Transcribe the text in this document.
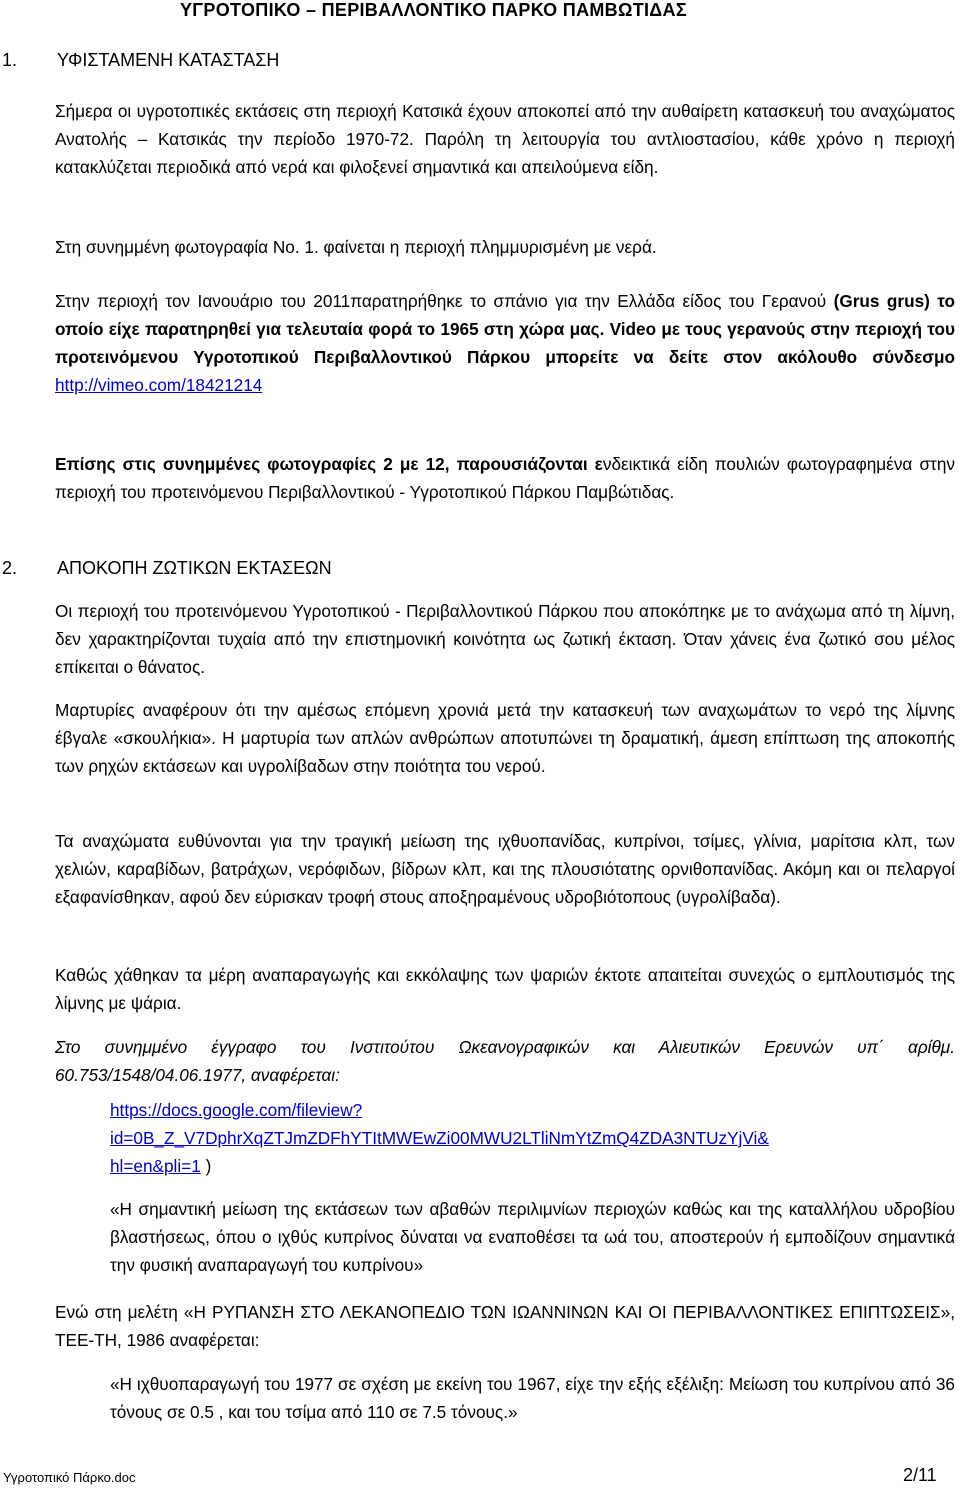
ΥΓΡΟΤΟΠΙΚΟ – ΠΕΡΙΒΑΛΛΟΝΤΙΚΟ ΠΑΡΚΟ ΠΑΜΒΩΤΙΔΑΣ
1. ΥΦΙΣΤΑΜΕΝΗ ΚΑΤΑΣΤΑΣΗ

Σήμερα οι υγροτοπικές εκτάσεις στη περιοχή Κατσικά έχουν αποκοπεί από την αυθαίρετη κατασκευή του αναχώματος Ανατολής – Κατσικάς την περίοδο 1970-72. Παρόλη τη λειτουργία του αντλιοστασίου, κάθε χρόνο η περιοχή κατακλύζεται περιοδικά από νερά και φιλοξενεί σημαντικά και απειλούμενα είδη.

Στη συνημμένη φωτογραφία Νο. 1. φαίνεται η περιοχή πλημμυρισμένη με νερά.

Στην περιοχή τον Ιανουάριο του 2011παρατηρήθηκε το σπάνιο για την Ελλάδα είδος του Γερανού (Grus grus) το οποίο είχε παρατηρηθεί για τελευταία φορά το 1965 στη χώρα μας. Video με τους γερανούς στην περιοχή του προτεινόμενου Υγροτοπικού Περιβαλλοντικού Πάρκου μπορείτε να δείτε στον ακόλουθο σύνδεσμο http://vimeo.com/18421214

Επίσης στις συνημμένες φωτογραφίες 2 με 12, παρουσιάζονται ενδεικτικά είδη πουλιών φωτογραφημένα στην περιοχή του προτεινόμενου Περιβαλλοντικού - Υγροτοπικού Πάρκου Παμβώτιδας.

2. ΑΠΟΚΟΠΗ ΖΩΤΙΚΩΝ ΕΚΤΑΣΕΩΝ

Οι περιοχή του προτεινόμενου Υγροτοπικού - Περιβαλλοντικού Πάρκου που αποκόπηκε με το ανάχωμα από τη λίμνη, δεν χαρακτηρίζονται τυχαία από την επιστημονική κοινότητα ως ζωτική έκταση. Όταν χάνεις ένα ζωτικό σου μέλος επίκειται ο θάνατος.

Μαρτυρίες αναφέρουν ότι την αμέσως επόμενη χρονιά μετά την κατασκευή των αναχωμάτων το νερό της λίμνης έβγαλε «σκουλήκια». Η μαρτυρία των απλών ανθρώπων αποτυπώνει τη δραματική, άμεση επίπτωση της αποκοπής των ρηχών εκτάσεων και υγρολίβαδων στην ποιότητα του νερού.

Τα αναχώματα ευθύνονται για την τραγική μείωση της ιχθυοπανίδας, κυπρίνοι, τσίμες, γλίνια, μαρίτσια κλπ, των χελιών, καραβίδων, βατράχων, νερόφιδων, βίδρων κλπ, και της πλουσιότατης ορνιθοπανίδας. Ακόμη και οι πελαργοί εξαφανίσθηκαν, αφού δεν εύρισκαν τροφή στους αποξηραμένους υδροβιότοπους (υγρολίβαδα).

Καθώς χάθηκαν τα μέρη αναπαραγωγής και εκκόλαψης των ψαριών έκτοτε απαιτείται συνεχώς ο εμπλουτισμός της λίμνης με ψάρια.

Στο συνημμένο έγγραφο του Ινστιτούτου Ωκεανογραφικών και Αλιευτικών Ερευνών υπ΄ αρίθμ. 60.753/1548/04.06.1977, αναφέρεται:

https://docs.google.com/fileview?
id=0B_Z_V7DphrXqZTJmZDFhYTItMWEwZi00MWU2LTliNmYtZmQ4ZDA3NTUzYjVi&
hl=en&pli=1 )

«Η σημαντική μείωση της εκτάσεων των αβαθών περιλιμνίων περιοχών καθώς και της καταλλήλου υδροβίου βλαστήσεως, όπου ο ιχθύς κυπρίνος δύναται να εναποθέσει τα ωά του, αποστερούν ή εμποδίζουν σημαντικά την φυσική αναπαραγωγή του κυπρίνου»

Ενώ στη μελέτη «Η ΡΥΠΑΝΣΗ ΣΤΟ ΛΕΚΑΝΟΠΕΔΙΟ ΤΩΝ ΙΩΑΝΝΙΝΩΝ ΚΑΙ ΟΙ ΠΕΡΙΒΑΛΛΟΝΤΙΚΕΣ ΕΠΙΠΤΩΣΕΙΣ», ΤΕΕ-ΤΗ, 1986 αναφέρεται:

«Η ιχθυοπαραγωγή του 1977 σε σχέση με εκείνη του 1967, είχε την εξής εξέλιξη: Μείωση του κυπρίνου από 36 τόνους σε 0.5 , και του τσίμα από 110 σε 7.5 τόνους.»

Υγροτοπικό Πάρκο.doc	2/11
